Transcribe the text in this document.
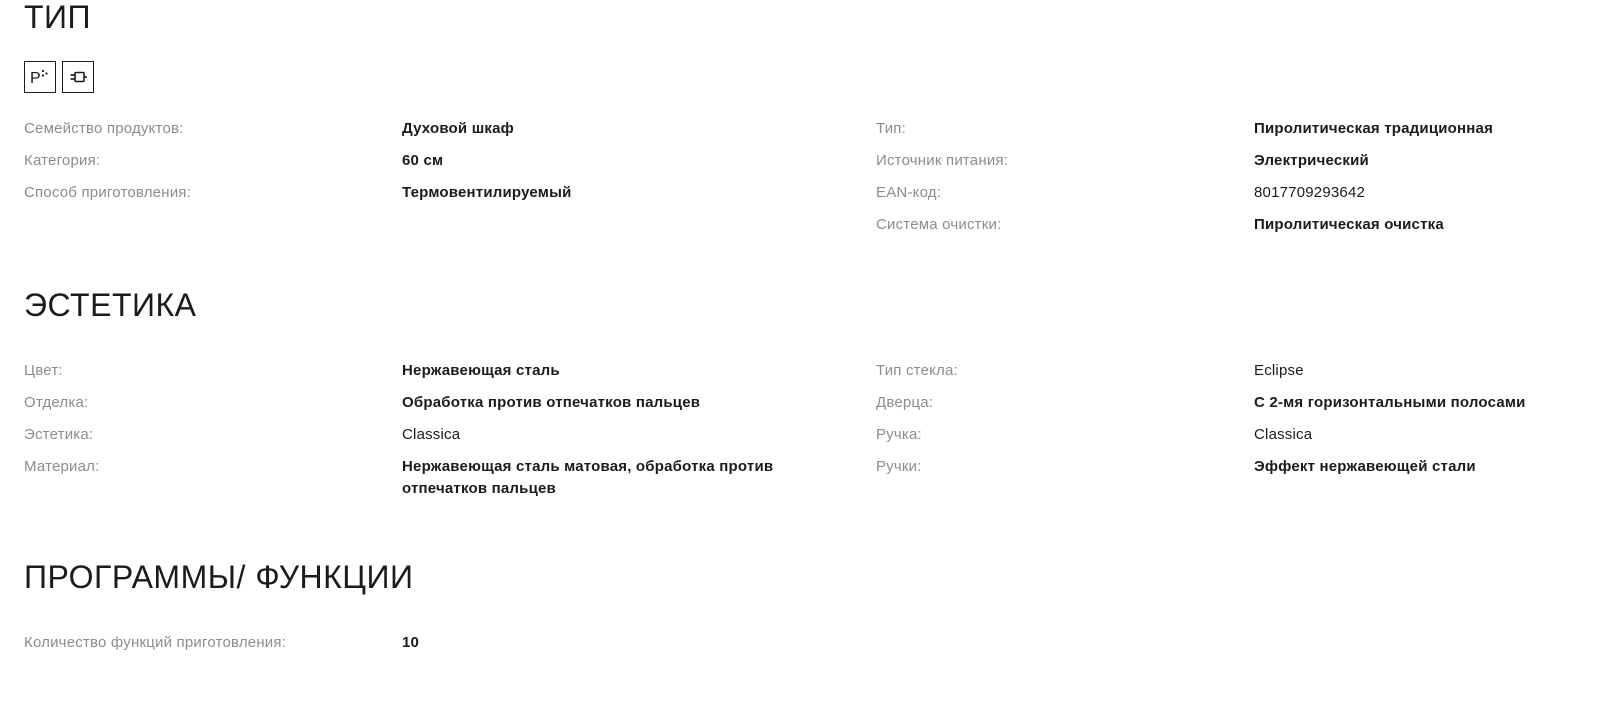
ТИП
P
Семейство продуктов:	Духовой шкаф
Категория:	60 см
Способ приготовления:	Термовентилируемый
Тип:	Пиролитическая традиционная
Источник питания:	Электрический
EAN-код:	8017709293642
Система очистки:	Пиролитическая очистка
ЭСТЕТИКА
Цвет:	Нержавеющая сталь
Отделка:	Обработка против отпечатков пальцев
Эстетика:	Classica
Материал:	Нержавеющая сталь матовая, обработка против отпечатков пальцев
Тип стекла:	Eclipse
Дверца:	С 2-мя горизонтальными полосами
Ручка:	Classica
Ручки:	Эффект нержавеющей стали
ПРОГРАММЫ/ ФУНКЦИИ
Количество функций приготовления:	10
